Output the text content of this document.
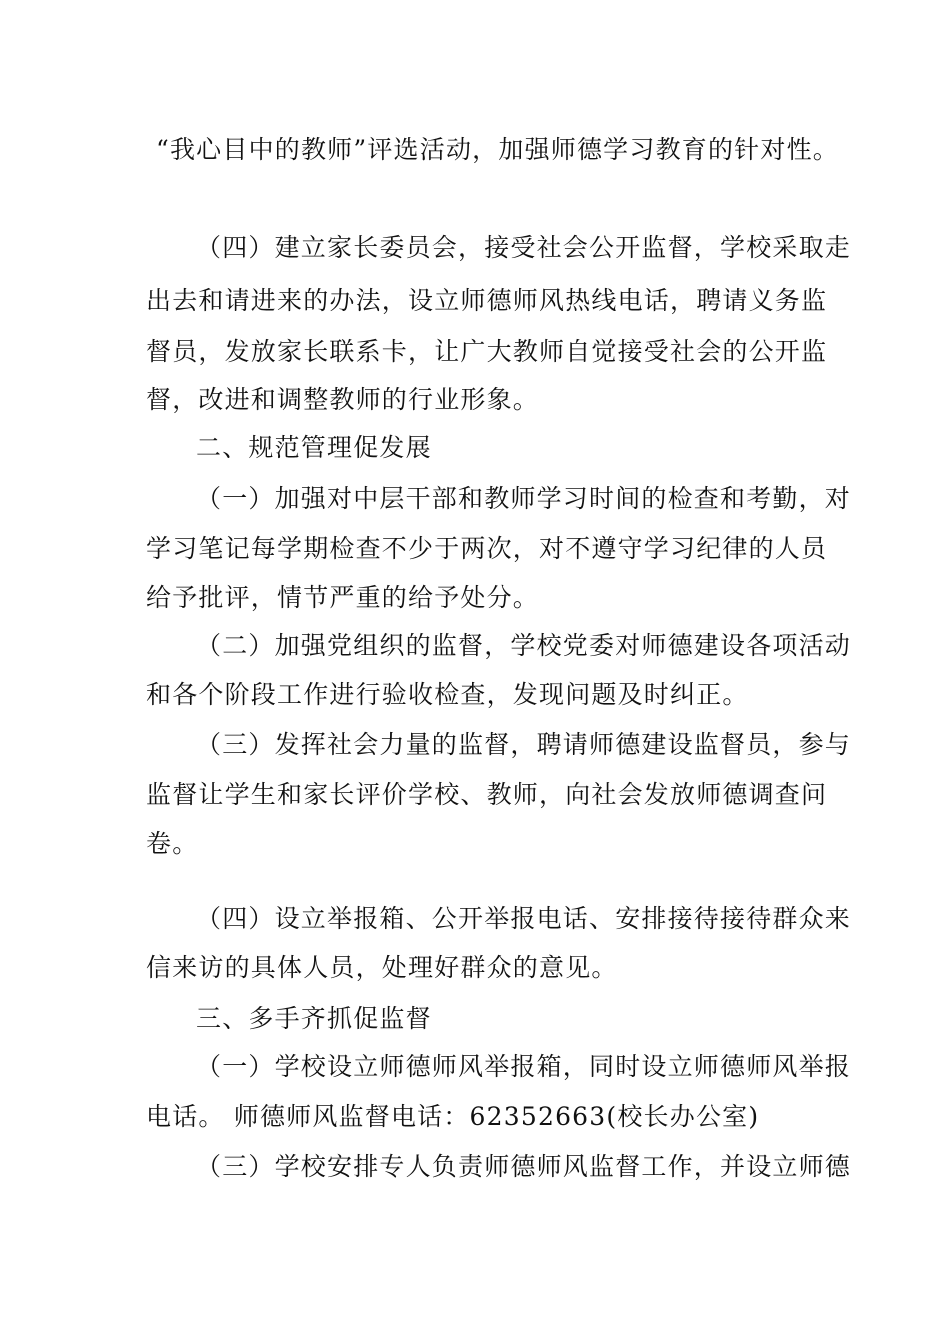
“我心目中的教师”评选活动，加强师德学习教育的针对性。
（四）建立家长委员会，接受社会公开监督，学校采取走
出去和请进来的办法，设立师德师风热线电话，聘请义务监
督员，发放家长联系卡，让广大教师自觉接受社会的公开监
督，改进和调整教师的行业形象。
二、规范管理促发展
（一）加强对中层干部和教师学习时间的检查和考勤，对
学习笔记每学期检查不少于两次，对不遵守学习纪律的人员
给予批评，情节严重的给予处分。
（二）加强党组织的监督，学校党委对师德建设各项活动
和各个阶段工作进行验收检查，发现问题及时纠正。
（三）发挥社会力量的监督，聘请师德建设监督员，参与
监督让学生和家长评价学校、教师，向社会发放师德调查问
卷。
（四）设立举报箱、公开举报电话、安排接待接待群众来
信来访的具体人员，处理好群众的意见。
三、多手齐抓促监督
（一）学校设立师德师风举报箱，同时设立师德师风举报
电话。 师德师风监督电话：62352663(校长办公室)
（三）学校安排专人负责师德师风监督工作，并设立师德
